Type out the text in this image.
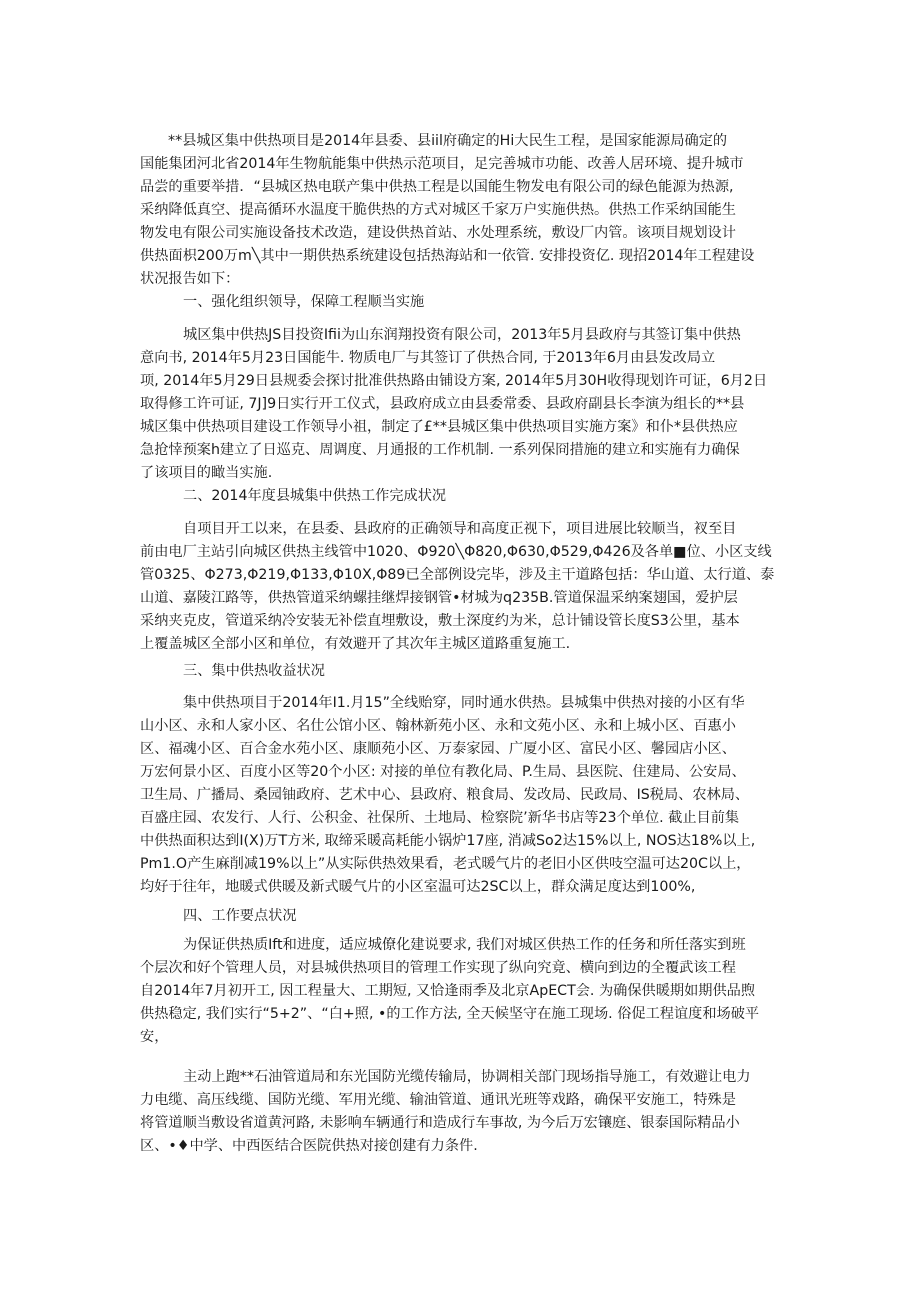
**县城区集中供热项目是2014年县委、县iil府确定的Hi大民生工程，是国家能源局确定的
国能集团河北省2014年生物航能集中供热示范项目，足完善城市功能、改善人居环境、提升城市
品尝的重要举措．“县城区热电联产集中供热工程是以国能生物发电有限公司的绿色能源为热源,
采纳降低真空、提高循环水温度干脆供热的方式对城区千家万户实施供热。供热工作采纳国能生
物发电有限公司实施设备技术改造，建设供热首站、水处理系统，敷设厂内管。该项目规划设计
供热面枳200万m╲其中一期供热系统建设包括热海站和一依管. 安排投资亿. 现招2014年工程建设
状况报告如下：
一、强化组织领导，保障工程顺当实施
城区集中供热JS目投资Ifii为山东润翔投资有限公司，2013年5月县政府与其签订集中供热
意向书, 2014年5月23日国能牛. 物质电厂与其签订了供热合同, 于2013年6月由县发改局立
项, 2014年5月29日县规委会探讨批准供热路由铺设方案, 2014年5月30H收得现划许可证，6月2日
取得修工许可证, 7J]9日实行开工仪式，县政府成立由县委常委、县政府副县长李演为组长的**县
城区集中供热项目建设工作领导小祖，制定了£**县城区集中供热项目实施方案》和仆*县供热应
急抢悻预案h建立了日巡克、周调度、月通报的工作机制. 一系列保冏措施的建立和实施有力确保
了该项目的瞰当实施.
二、2014年度县城集中供热工作完成状况
自项目开工以来，在县委、县政府的正确领导和高度正视下，项目进展比较顺当，衩至目
前由电厂主站引向城区供热主线管中1020、Φ920╲Φ820,Φ630,Φ529,Φ426及各单■位、小区支线
管0325、Φ273,Φ219,Φ133,Φ10X,Φ89已全部例设完毕，涉及主干道路包括：华山道、太行道、泰
山道、嘉陵江路等，供热管道采纳螺挂继焊接钢管•材城为q235B.管道保温采纳案翅国，爱护层
采纳夹克皮，管道采纳冷安装无补偿直埋敷设，敷土深度约为米，总计铺设管长度S3公里，基本
上覆盖城区全部小区和单位，有效避开了其次年主城区道路重复施工.
三、集中供热收益状况
集中供热项目于2014年I1.月15”全线贻穿，同时通水供热。县城集中供热对接的小区有华
山小区、永和人家小区、名仕公馆小区、翰林新苑小区、永和文苑小区、永和上城小区、百惠小
区、福魂小区、百合金水苑小区、康顺苑小区、万泰家园、广厦小区、富民小区、馨园店小区、
万宏何景小区、百度小区等20个小区: 对接的单位有教化局、P.生局、县医院、住建局、公安局、
卫生局、广播局、桑园铀政府、艺术中心、县政府、粮食局、发改局、民政局、IS税局、农林局、
百盛庄园、农发行、人行、公积金、社保所、土地局、检察院’新华书店等23个单位. 截止目前集
中供热面积达到I(X)万T方米, 取缔采暖高耗能小锅炉17座, 消减So2达15%以上, NOS达18%以上,
Pm1.O产生麻削减19%以上”从实际供热效果看，老式暖气片的老旧小区供吱空温可达20C以上，
均好于往年，地暖式供暖及新式暖气片的小区室温可达2SC以上，群众满足度达到100%,
四、工作要点状况
为保证供热质Ift和进度，适应城僚化建说要求, 我们对城区供热工作的任务和所任落实到班
个层次和好个管理人员，对县城供热项目的管理工作实现了纵向究竟、横向到边的全覆武该工程
自2014年7月初开工, 因工程量大、工期短, 又恰逢雨季及北京ApECT会. 为确保供暖期如期供品煦
供热稳定, 我们实行“5+2”、“白+照, •的工作方法, 全天候坚守在施工现场. 俗促工程谊度和场破平
安，
主动上跑**石油管道局和东光国防光缆传输局，协调相关部门现场指导施工，有效避让电力
力电缆、高压线缆、国防光缆、军用光缆、输油管道、通讯光班等戏路，确保平安施工，特殊是
将管道顺当敷设省道黄河路, 未影响车辆通行和造成行车事故, 为今后万宏镶庭、银泰国际精品小
区、•♦中学、中西医结合医院供热对接创建有力条件.
